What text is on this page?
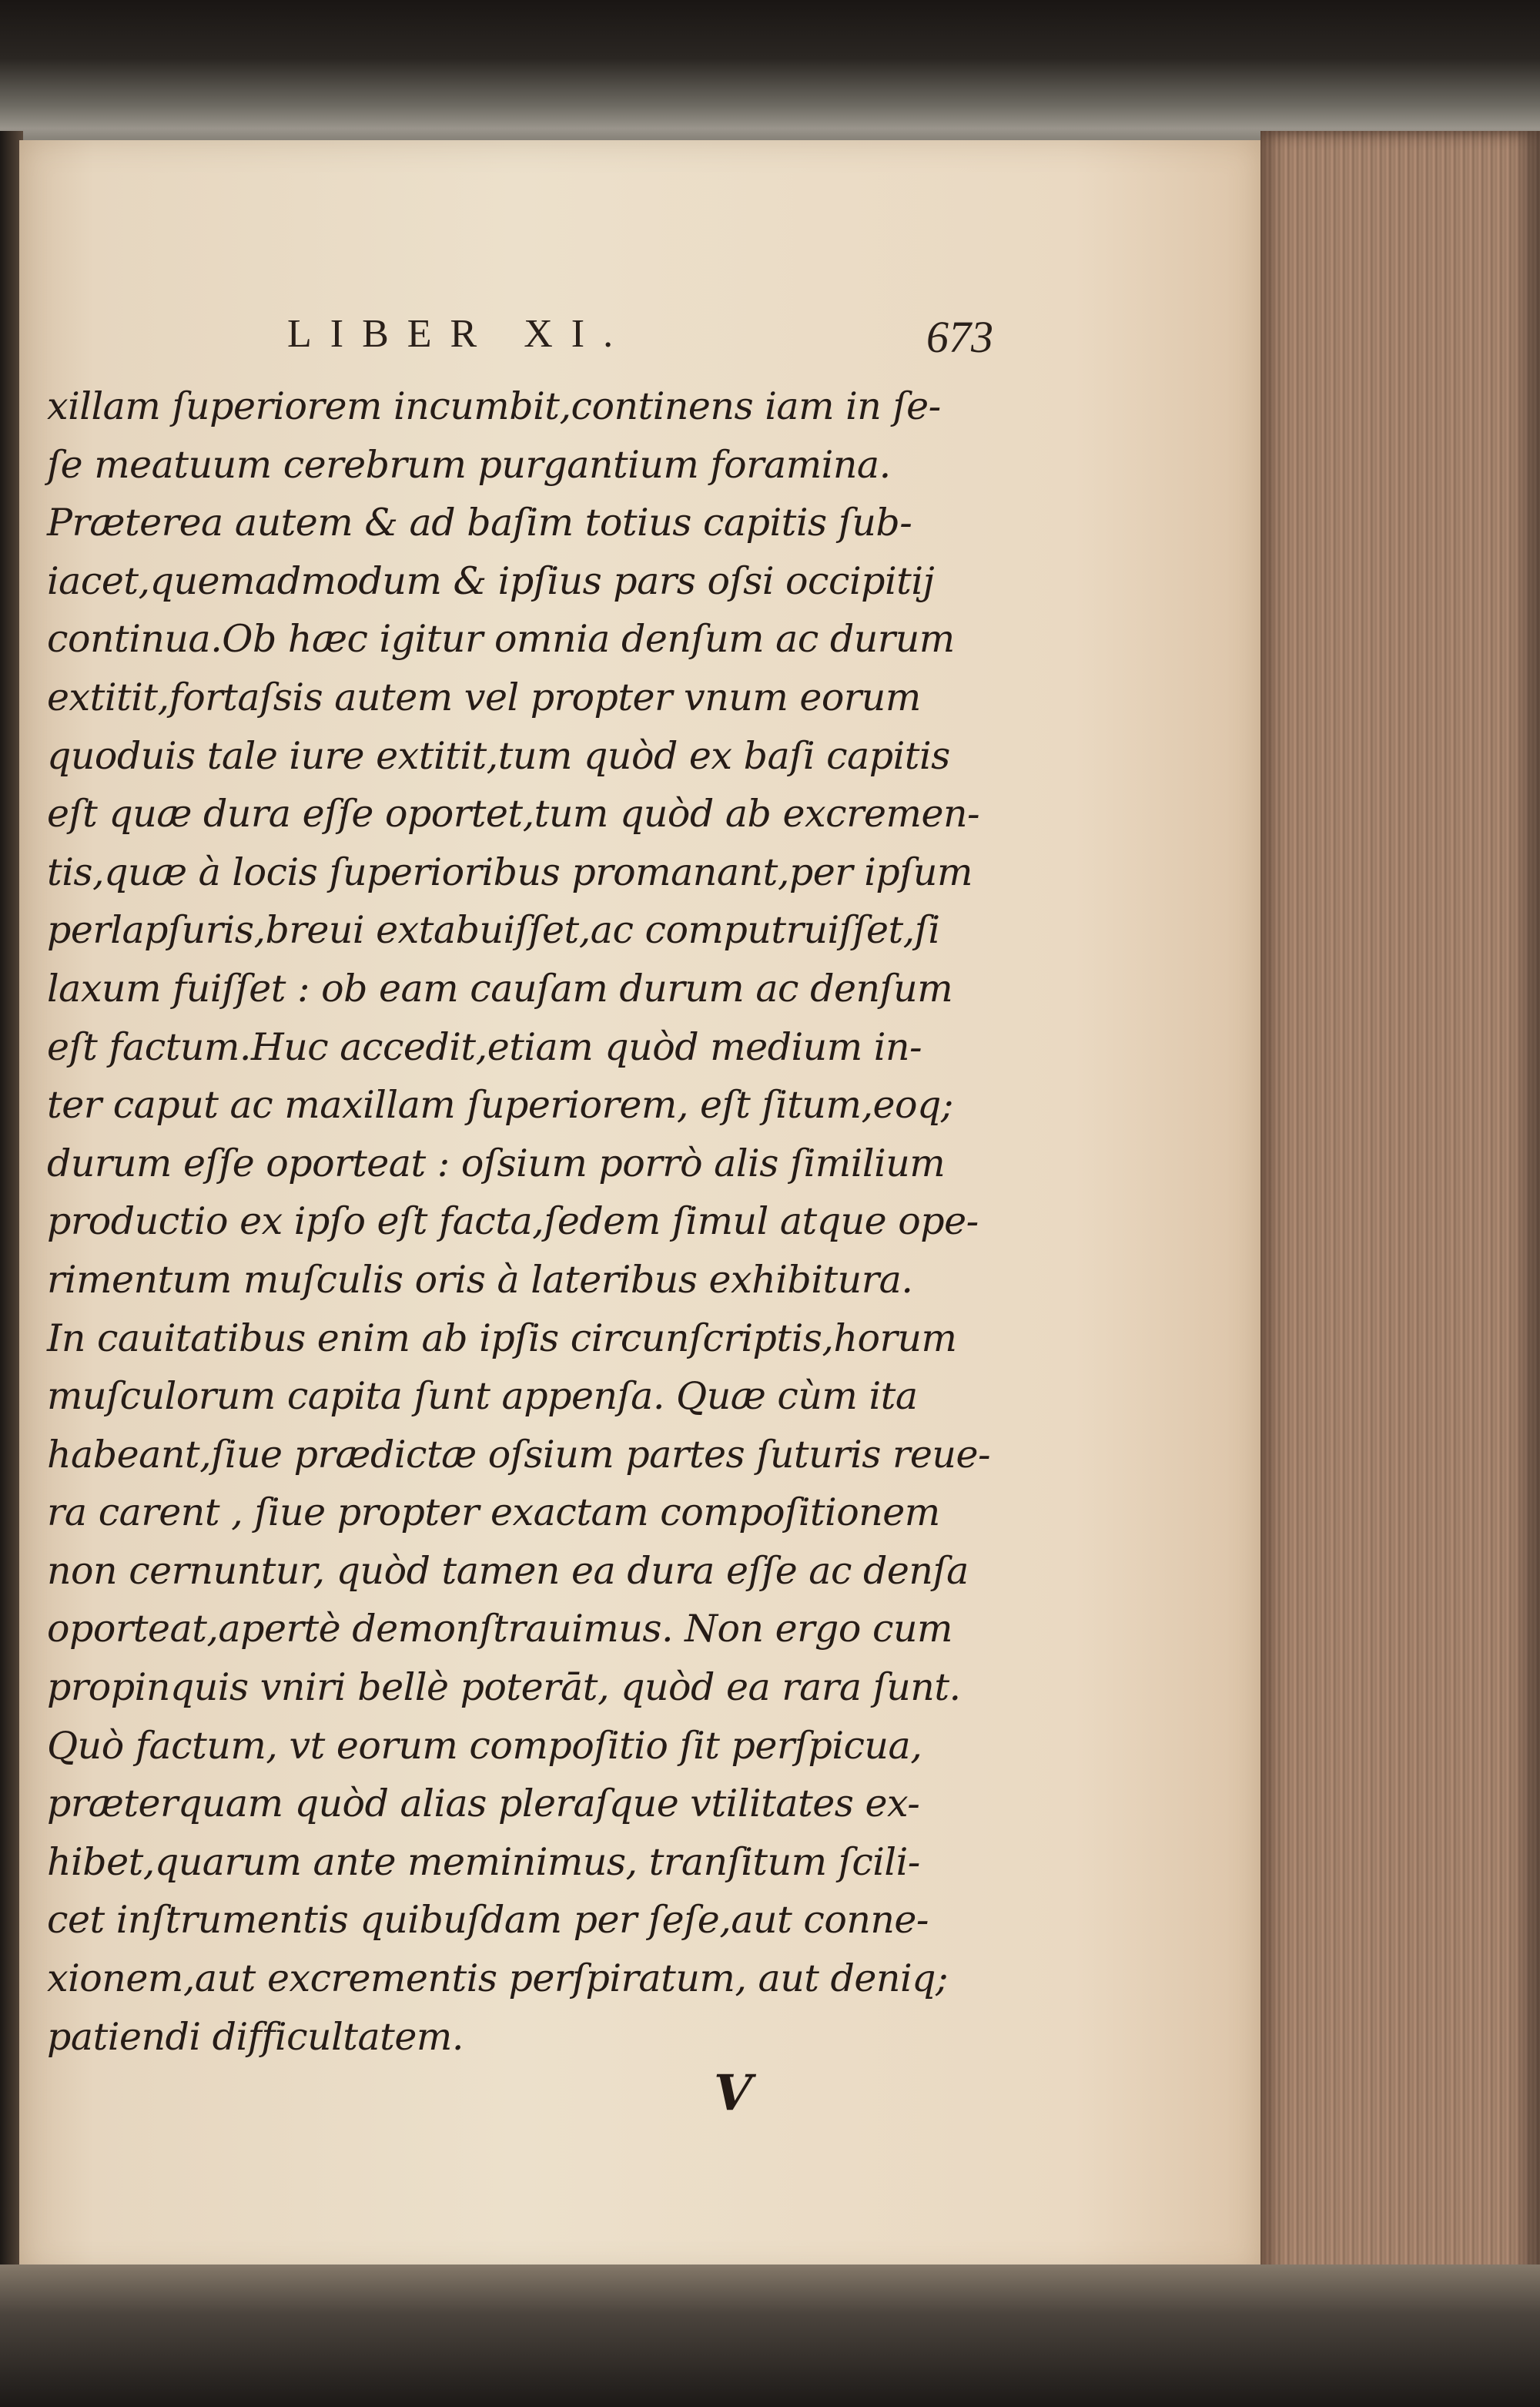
LIBER XI.	673
xillam ſuperiorem incumbit,continens iam in ſe-
ſe meatuum cerebrum purgantium foramina.
Præterea autem & ad baſim totius capitis ſub-
iacet,quemadmodum & ipſius pars oſsi occipitij
continua.Ob hæc igitur omnia denſum ac durum
extitit,fortaſsis autem vel propter vnum eorum
quoduis tale iure extitit,tum quòd ex baſi capitis
eſt quæ dura eſſe oportet,tum quòd ab excremen-
tis,quæ à locis ſuperioribus promanant,per ipſum
perlapſuris,breui extabuiſſet,ac computruiſſet,ſi
laxum fuiſſet : ob eam cauſam durum ac denſum
eſt factum.Huc accedit,etiam quòd medium in-
ter caput ac maxillam ſuperiorem, eſt ſitum,eoq;
durum eſſe oporteat : oſsium porrò alis ſimilium
productio ex ipſo eſt facta,ſedem ſimul atque ope-
rimentum muſculis oris à lateribus exhibitura.
In cauitatibus enim ab ipſis circunſcriptis,horum
muſculorum capita ſunt appenſa. Quæ cùm ita
habeant,ſiue prædictæ oſsium partes ſuturis reue-
ra carent , ſiue propter exactam compoſitionem
non cernuntur, quòd tamen ea dura eſſe ac denſa
oporteat,apertè demonſtrauimus. Non ergo cum
propinquis vniri bellè poterāt, quòd ea rara ſunt.
Quò factum, vt eorum compoſitio ſit perſpicua,
præterquam quòd alias pleraſque vtilitates ex-
hibet,quarum ante meminimus, tranſitum ſcili-
cet inſtrumentis quibuſdam per ſeſe,aut conne-
xionem,aut excrementis perſpiratum, aut deniq;
patiendi difficultatem.
V
